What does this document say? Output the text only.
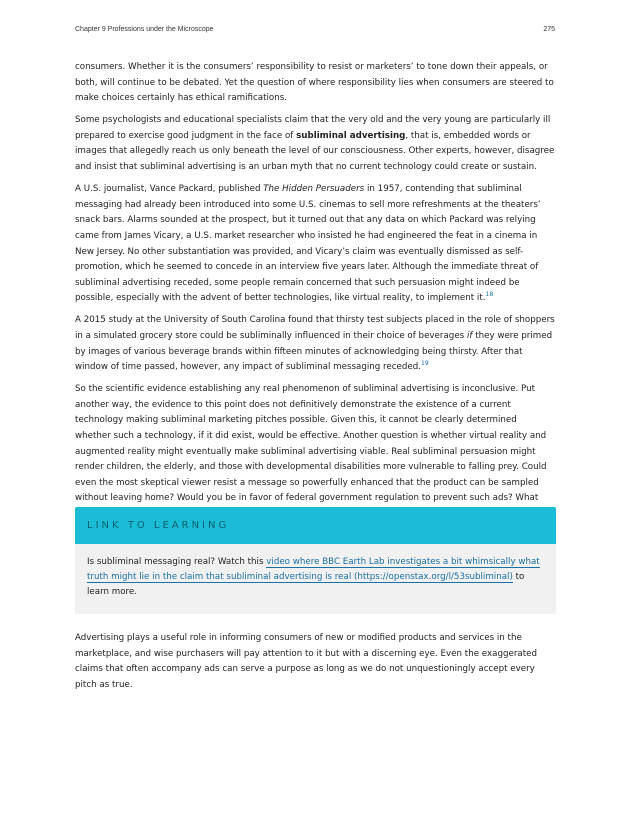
Chapter 9 Professions under the Microscope	275

consumers. Whether it is the consumers’ responsibility to resist or marketers’ to tone down their appeals, or both, will continue to be debated. Yet the question of where responsibility lies when consumers are steered to make choices certainly has ethical ramifications.

Some psychologists and educational specialists claim that the very old and the very young are particularly ill prepared to exercise good judgment in the face of subliminal advertising, that is, embedded words or images that allegedly reach us only beneath the level of our consciousness. Other experts, however, disagree and insist that subliminal advertising is an urban myth that no current technology could create or sustain.

A U.S. journalist, Vance Packard, published The Hidden Persuaders in 1957, contending that subliminal messaging had already been introduced into some U.S. cinemas to sell more refreshments at the theaters’ snack bars. Alarms sounded at the prospect, but it turned out that any data on which Packard was relying came from James Vicary, a U.S. market researcher who insisted he had engineered the feat in a cinema in New Jersey. No other substantiation was provided, and Vicary’s claim was eventually dismissed as self-promotion, which he seemed to concede in an interview five years later. Although the immediate threat of subliminal advertising receded, some people remain concerned that such persuasion might indeed be possible, especially with the advent of better technologies, like virtual reality, to implement it.$^{18}$

A 2015 study at the University of South Carolina found that thirsty test subjects placed in the role of shoppers in a simulated grocery store could be subliminally influenced in their choice of beverages if they were primed by images of various beverage brands within fifteen minutes of acknowledging being thirsty. After that window of time passed, however, any impact of subliminal messaging receded.$^{19}$

So the scientific evidence establishing any real phenomenon of subliminal advertising is inconclusive. Put another way, the evidence to this point does not definitively demonstrate the existence of a current technology making subliminal marketing pitches possible. Given this, it cannot be clearly determined whether such a technology, if it did exist, would be effective. Another question is whether virtual reality and augmented reality might eventually make subliminal advertising viable. Real subliminal persuasion might render children, the elderly, and those with developmental disabilities more vulnerable to falling prey. Could even the most skeptical viewer resist a message so powerfully enhanced that the product can be sampled without leaving home? Would you be in favor of federal government regulation to prevent such ads? What

LINK TO LEARNING
Is subliminal messaging real? Watch this video where BBC Earth Lab investigates a bit whimsically what truth might lie in the claim that subliminal advertising is real (https://openstax.org/l/53subliminal) to learn more.

Advertising plays a useful role in informing consumers of new or modified products and services in the marketplace, and wise purchasers will pay attention to it but with a discerning eye. Even the exaggerated claims that often accompany ads can serve a purpose as long as we do not unquestioningly accept every pitch as true.
